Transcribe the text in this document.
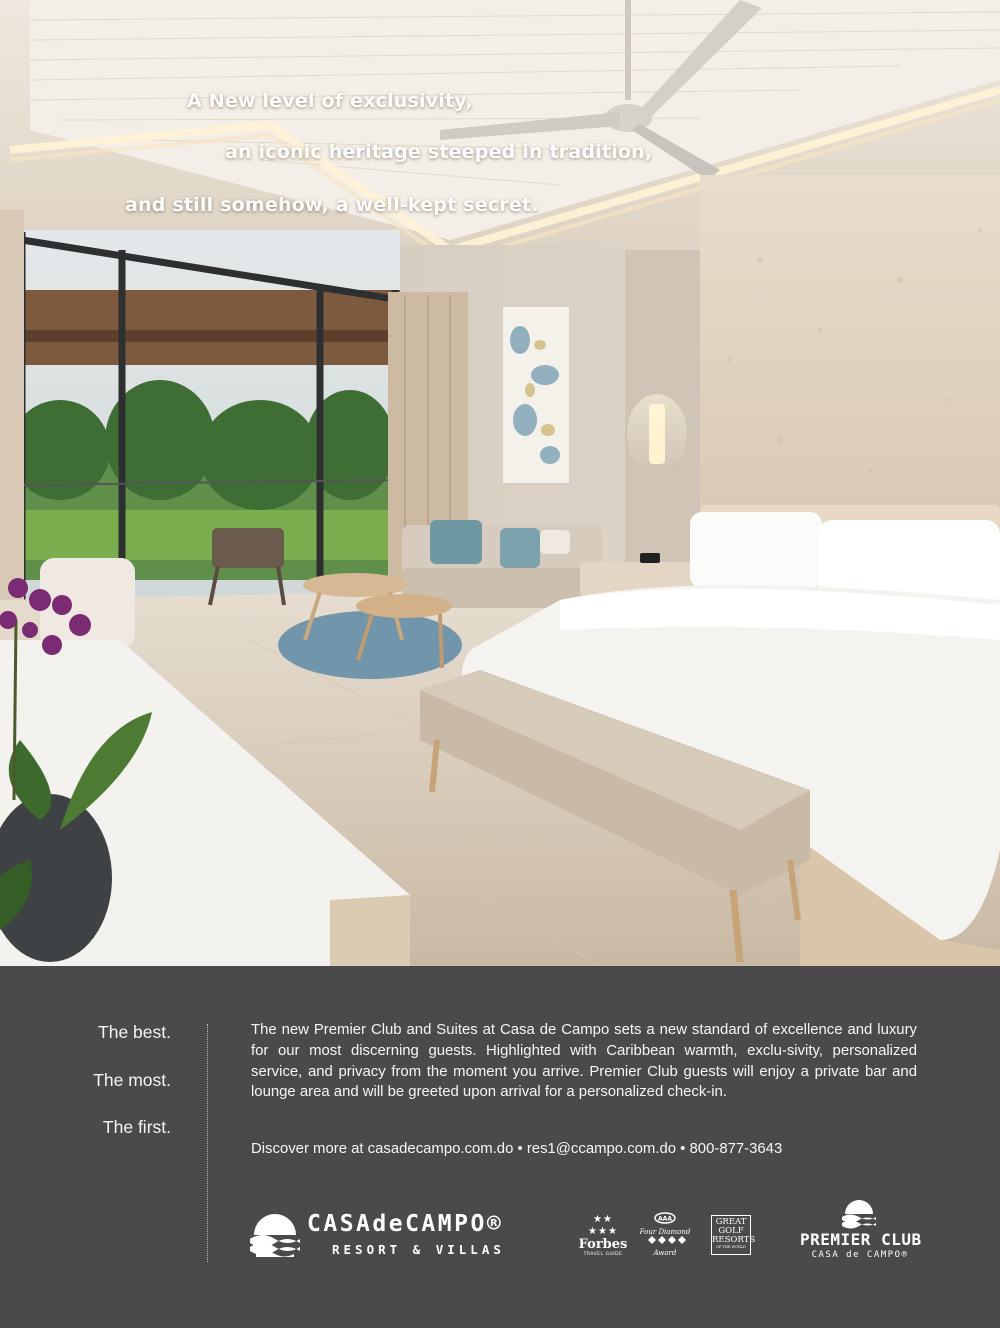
A New level of exclusivity,
an iconic heritage steeped in tradition,
and still somehow, a well-kept secret.
The best.
The most.
The first.

The new Premier Club and Suites at Casa de Campo sets a new standard of excellence and luxury for our most discerning guests. Highlighted with Caribbean warmth, exclu-sivity, personalized service, and privacy from the moment you arrive. Premier Club guests will enjoy a private bar and lounge area and will be greeted upon arrival for a personalized check-in.

Discover more at casadecampo.com.do • res1@ccampo.com.do • 800-877-3643

CASAdeCAMPO®
RESORT & VILLAS
★★ ★★★
Forbes
TRAVEL GUIDE
AAA
Four Diamond
Award
GREAT
GOLF
RESORTS
OF THE WORLD	PREMIER CLUB
CASA de CAMPO®
